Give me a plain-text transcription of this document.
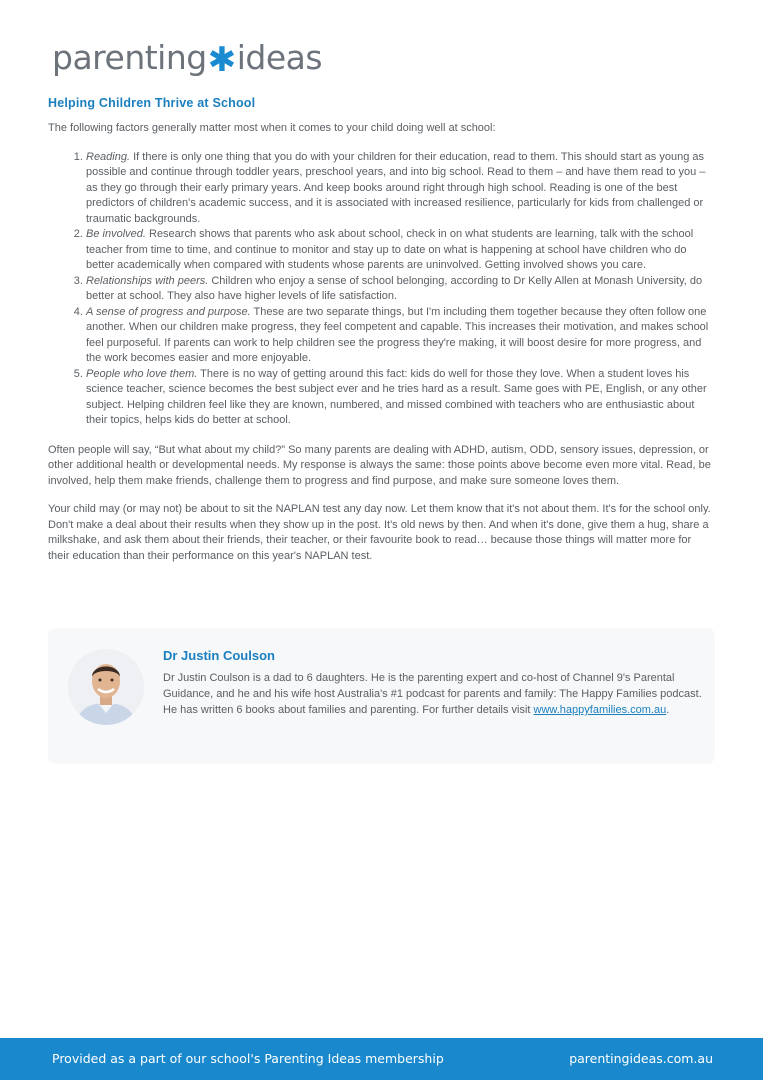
parenting ✱ ideas
Helping Children Thrive at School

The following factors generally matter most when it comes to your child doing well at school:

1. Reading. If there is only one thing that you do with your children for their education, read to them. This should start as young as possible and continue through toddler years, preschool years, and into big school. Read to them – and have them read to you – as they go through their early primary years. And keep books around right through high school. Reading is one of the best predictors of children's academic success, and it is associated with increased resilience, particularly for kids from challenged or traumatic backgrounds.
2. Be involved. Research shows that parents who ask about school, check in on what students are learning, talk with the school teacher from time to time, and continue to monitor and stay up to date on what is happening at school have children who do better academically when compared with students whose parents are uninvolved. Getting involved shows you care.
3. Relationships with peers. Children who enjoy a sense of school belonging, according to Dr Kelly Allen at Monash University, do better at school. They also have higher levels of life satisfaction.
4. A sense of progress and purpose. These are two separate things, but I'm including them together because they often follow one another. When our children make progress, they feel competent and capable. This increases their motivation, and makes school feel purposeful. If parents can work to help children see the progress they're making, it will boost desire for more progress, and the work becomes easier and more enjoyable.
5. People who love them. There is no way of getting around this fact: kids do well for those they love. When a student loves his science teacher, science becomes the best subject ever and he tries hard as a result. Same goes with PE, English, or any other subject. Helping children feel like they are known, numbered, and missed combined with teachers who are enthusiastic about their topics, helps kids do better at school.

Often people will say, “But what about my child?” So many parents are dealing with ADHD, autism, ODD, sensory issues, depression, or other additional health or developmental needs. My response is always the same: those points above become even more vital. Read, be involved, help them make friends, challenge them to progress and find purpose, and make sure someone loves them.

Your child may (or may not) be about to sit the NAPLAN test any day now. Let them know that it's not about them. It's for the school only. Don't make a deal about their results when they show up in the post. It's old news by then. And when it's done, give them a hug, share a milkshake, and ask them about their friends, their teacher, or their favourite book to read… because those things will matter more for their education than their performance on this year's NAPLAN test.

Dr Justin Coulson
Dr Justin Coulson is a dad to 6 daughters. He is the parenting expert and co-host of Channel 9's Parental Guidance, and he and his wife host Australia's #1 podcast for parents and family: The Happy Families podcast. He has written 6 books about families and parenting. For further details visit www.happyfamilies.com.au.
Provided as a part of our school's Parenting Ideas membership	parentingideas.com.au
